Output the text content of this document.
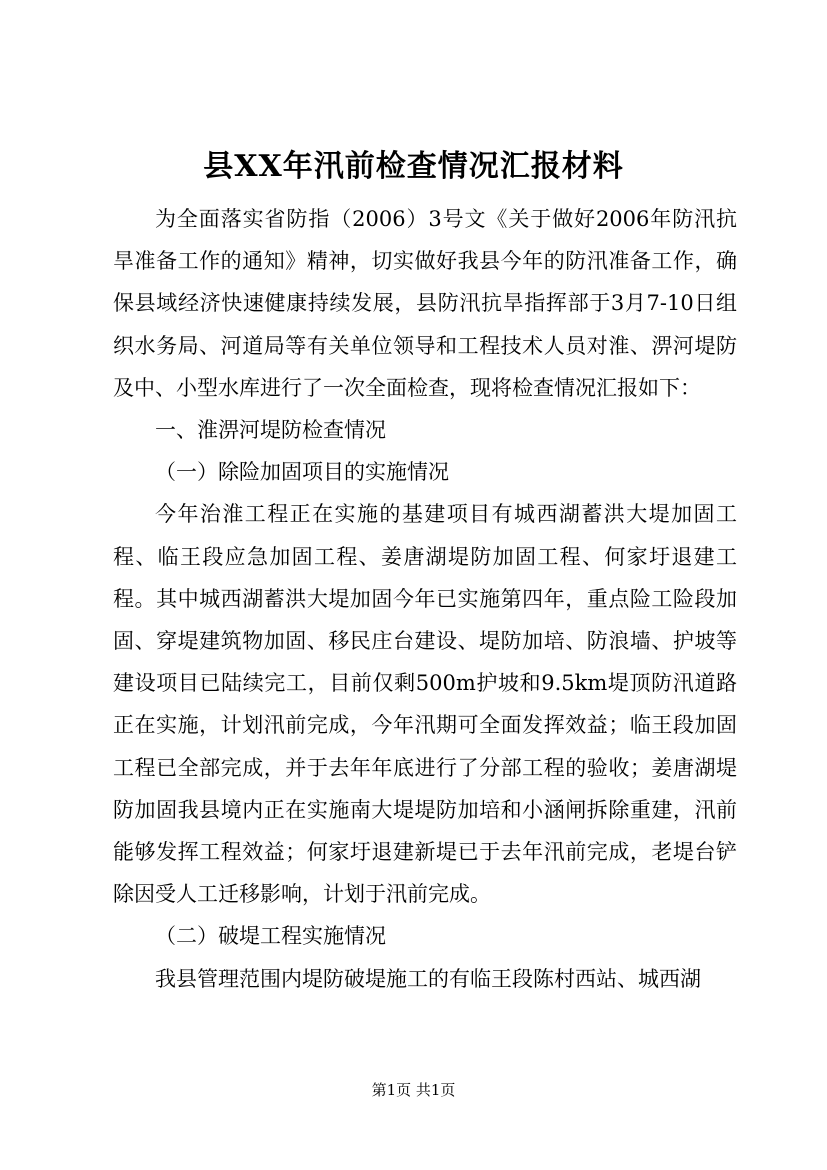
县XX年汛前检查情况汇报材料

为全面落实省防指（2006）3号文《关于做好2006年防汛抗旱准备工作的通知》精神，切实做好我县今年的防汛准备工作，确保县域经济快速健康持续发展，县防汛抗旱指挥部于3月7-10日组织水务局、河道局等有关单位领导和工程技术人员对淮、淠河堤防及中、小型水库进行了一次全面检查，现将检查情况汇报如下：

一、淮淠河堤防检查情况

（一）除险加固项目的实施情况

今年治淮工程正在实施的基建项目有城西湖蓄洪大堤加固工程、临王段应急加固工程、姜唐湖堤防加固工程、何家圩退建工程。其中城西湖蓄洪大堤加固今年已实施第四年，重点险工险段加固、穿堤建筑物加固、移民庄台建设、堤防加培、防浪墙、护坡等建设项目已陆续完工，目前仅剩500m护坡和9.5km堤顶防汛道路正在实施，计划汛前完成，今年汛期可全面发挥效益；临王段加固工程已全部完成，并于去年年底进行了分部工程的验收；姜唐湖堤防加固我县境内正在实施南大堤堤防加培和小涵闸拆除重建，汛前能够发挥工程效益；何家圩退建新堤已于去年汛前完成，老堤台铲除因受人工迁移影响，计划于汛前完成。

（二）破堤工程实施情况

我县管理范围内堤防破堤施工的有临王段陈村西站、城西湖

第1页 共1页
